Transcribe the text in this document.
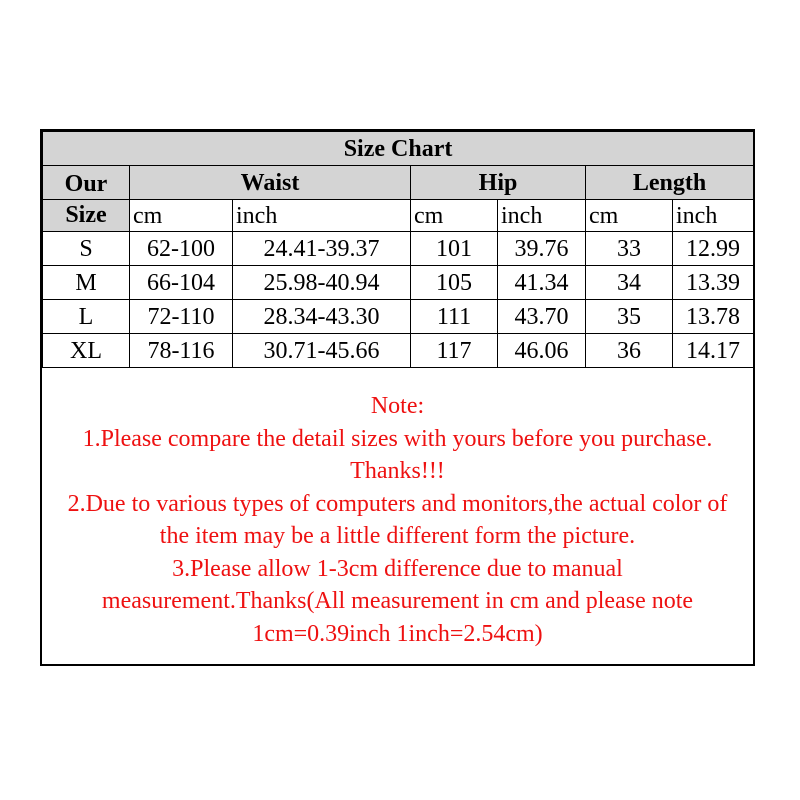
Size Chart						
Our	Waist		Hip		Length	
Size	cm	inch	cm	inch	cm	inch
S	62-100	24.41-39.37	101	39.76	33	12.99
M	66-104	25.98-40.94	105	41.34	34	13.39
L	72-110	28.34-43.30	111	43.70	35	13.78
XL	78-116	30.71-45.66	117	46.06	36	14.17
Note:
1.Please compare the detail sizes with yours before you purchase.
Thanks!!!
2.Due to various types of computers and monitors,the actual color of
the item may be a little different form the picture.
3.Please allow 1-3cm difference due to manual
measurement.Thanks(All measurement in cm and please note
1cm=0.39inch 1inch=2.54cm)
